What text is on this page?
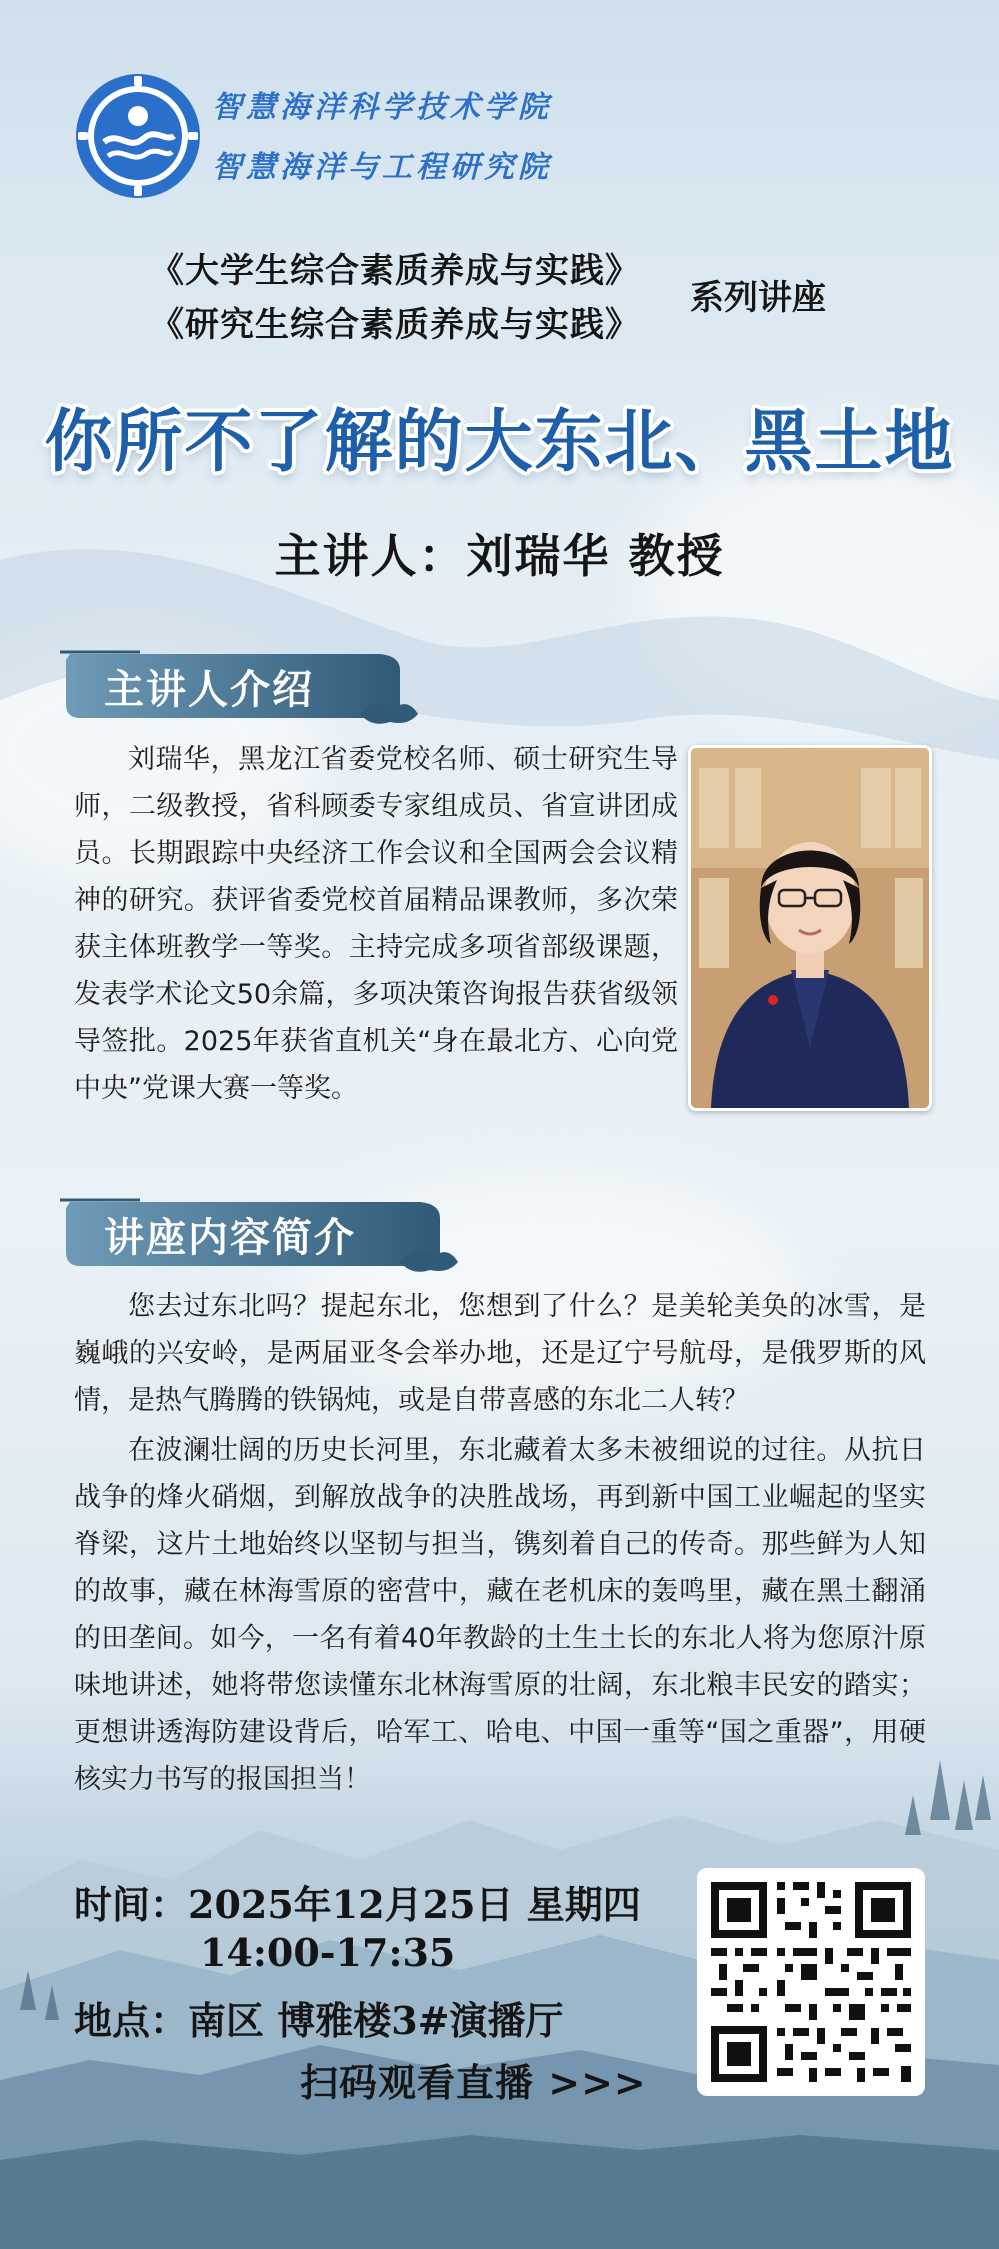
智慧海洋科学技术学院
智慧海洋与工程研究院
《大学生综合素质养成与实践》
《研究生综合素质养成与实践》
系列讲座
你所不了解的大东北、黑土地
主讲人：刘瑞华 教授
主讲人介绍

刘瑞华，黑龙江省委党校名师、硕士研究生导师，二级教授，省科顾委专家组成员、省宣讲团成员。长期跟踪中央经济工作会议和全国两会会议精神的研究。获评省委党校首届精品课教师，多次荣获主体班教学一等奖。主持完成多项省部级课题，发表学术论文50余篇，多项决策咨询报告获省级领导签批。2025年获省直机关“身在最北方、心向党中央”党课大赛一等奖。

讲座内容简介

您去过东北吗？提起东北，您想到了什么？是美轮美奂的冰雪，是巍峨的兴安岭，是两届亚冬会举办地，还是辽宁号航母，是俄罗斯的风情，是热气腾腾的铁锅炖，或是自带喜感的东北二人转？

在波澜壮阔的历史长河里，东北藏着太多未被细说的过往。从抗日战争的烽火硝烟，到解放战争的决胜战场，再到新中国工业崛起的坚实脊梁，这片土地始终以坚韧与担当，镌刻着自己的传奇。那些鲜为人知的故事，藏在林海雪原的密营中，藏在老机床的轰鸣里，藏在黑土翻涌的田垄间。如今，一名有着40年教龄的土生土长的东北人将为您原汁原味地讲述，她将带您读懂东北林海雪原的壮阔，东北粮丰民安的踏实；更想讲透海防建设背后，哈军工、哈电、中国一重等“国之重器”，用硬核实力书写的报国担当！

时间：2025年12月25日 星期四
14:00-17:35
地点：南区 博雅楼3#演播厅
扫码观看直播 >>>
